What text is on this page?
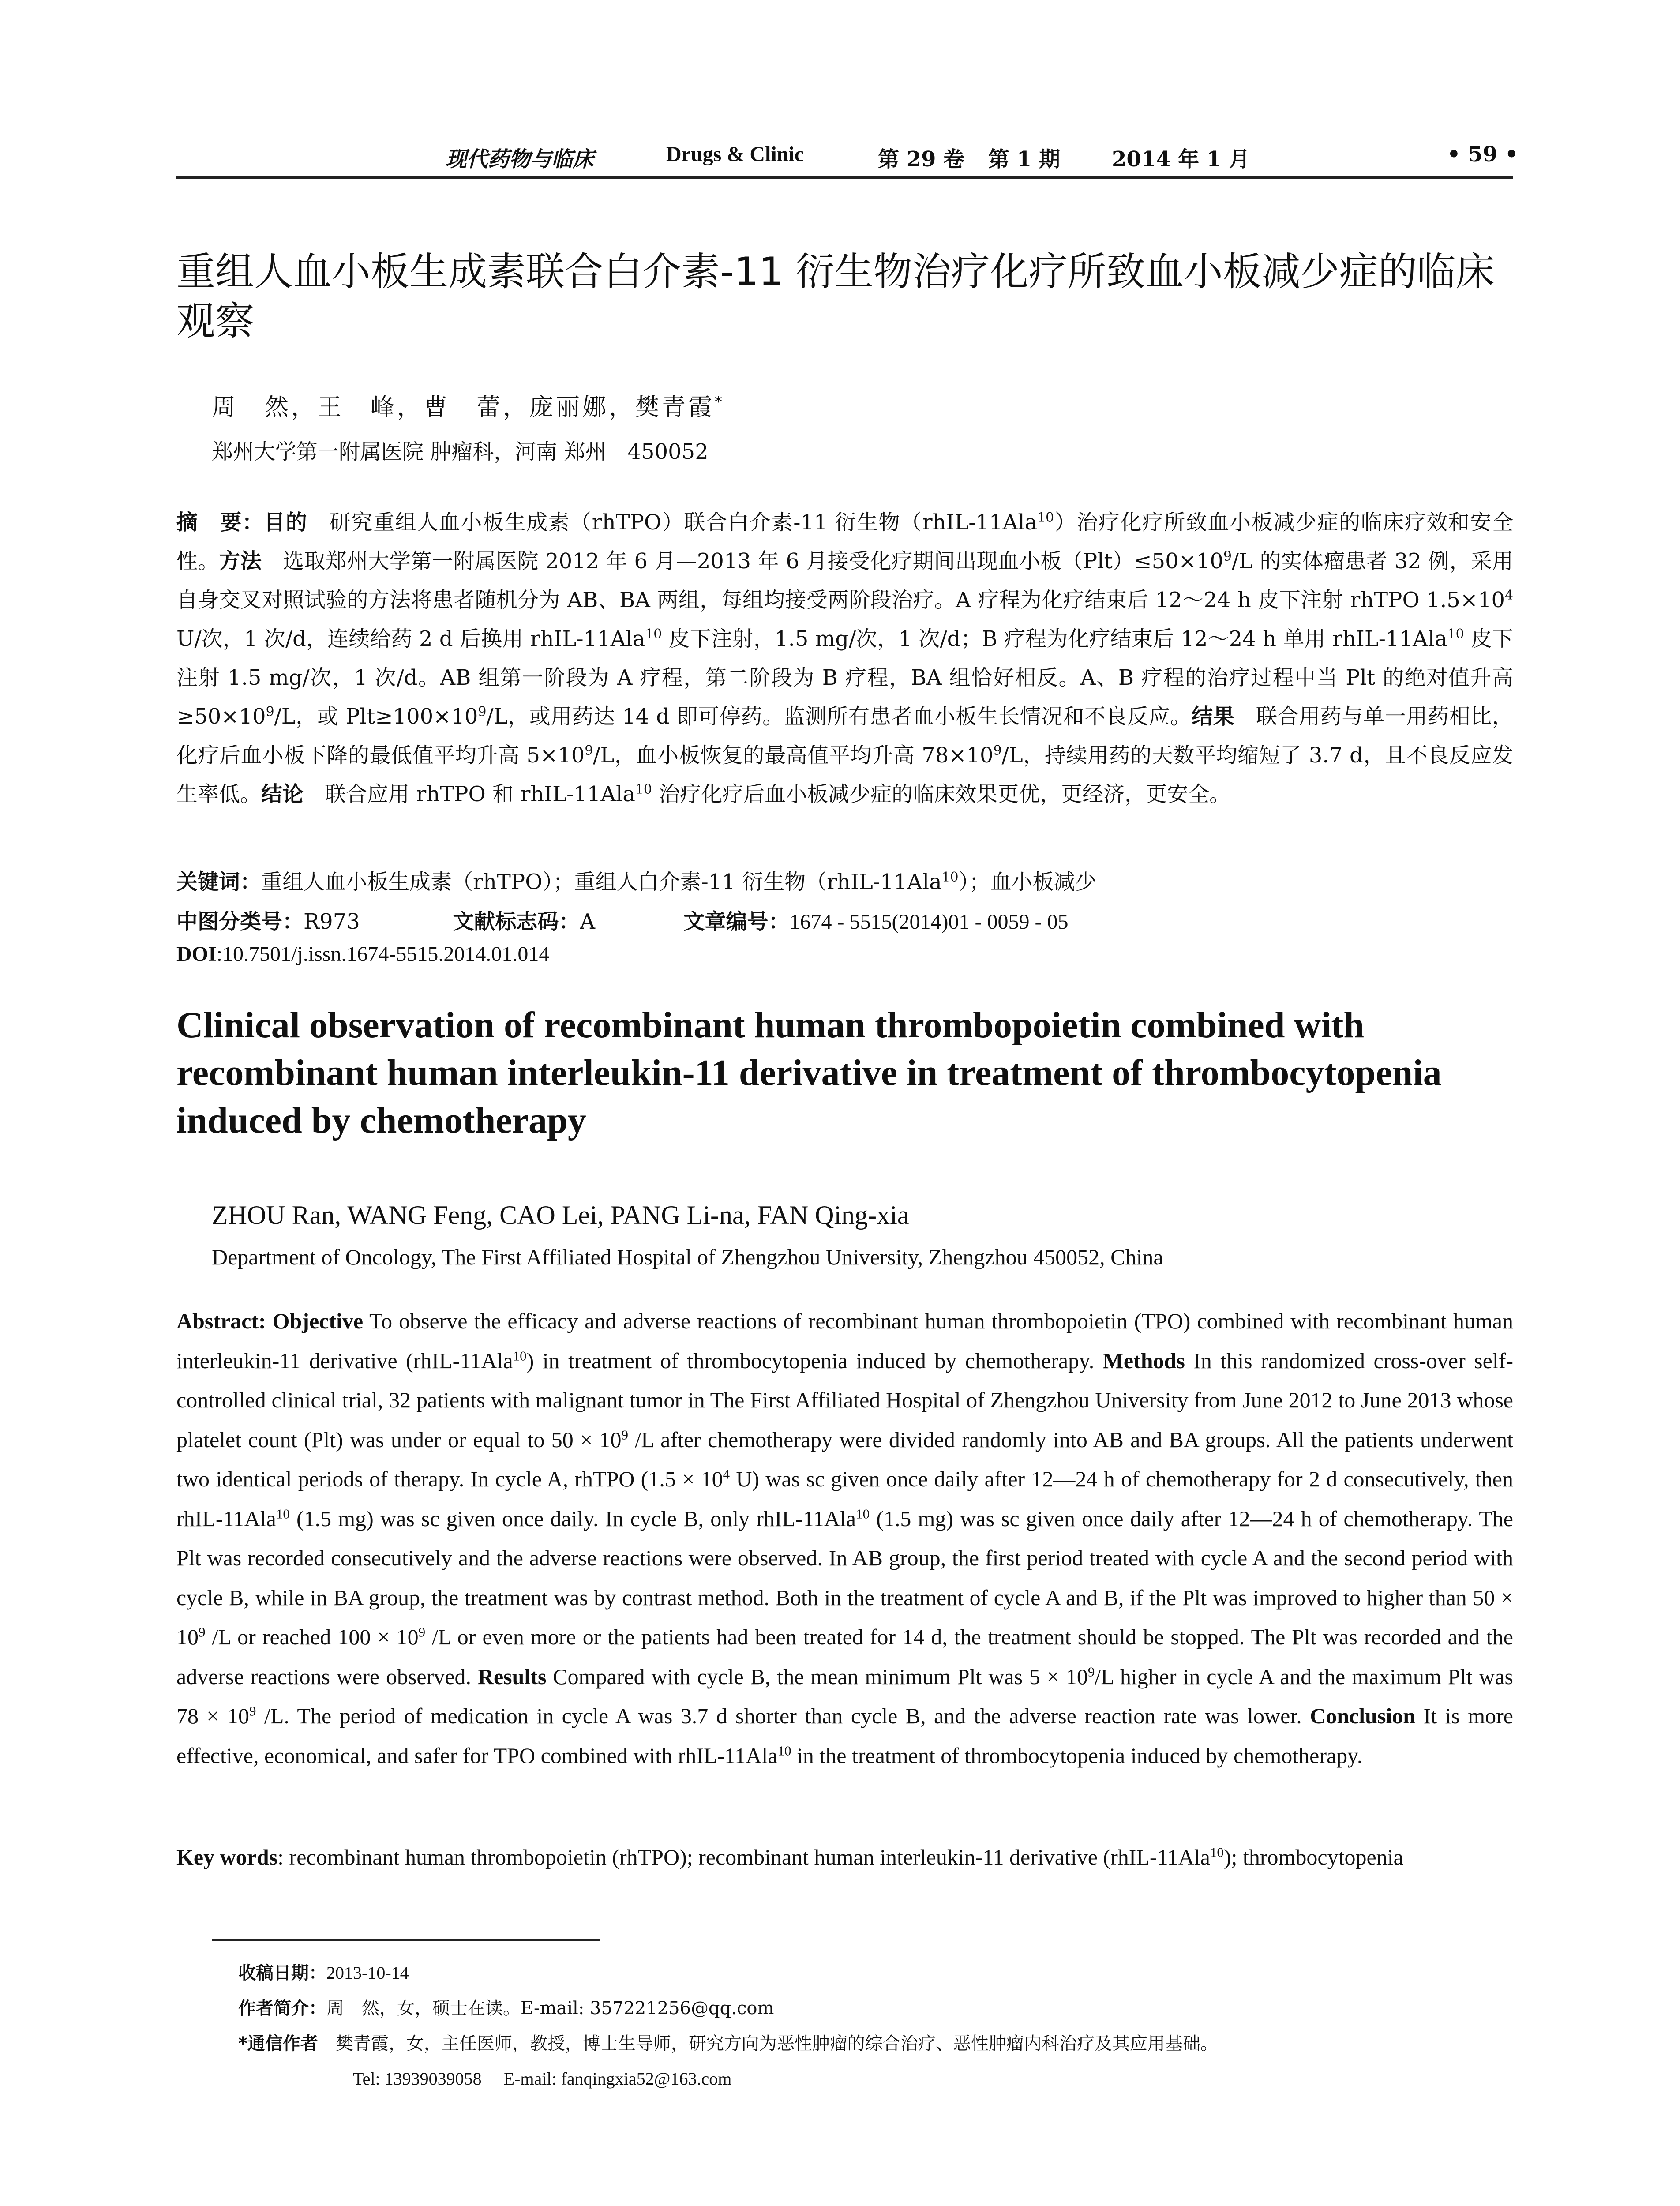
现代药物与临床	Drugs & Clinic	第 29 卷 第 1 期 2014 年 1 月	• 59 •
重组人血小板生成素联合白介素-11 衍生物治疗化疗所致血小板减少症的临床观察
周　然，王　峰，曹　蕾，庞丽娜，樊青霞*
郑州大学第一附属医院 肿瘤科，河南 郑州　450052
摘　要：目的　研究重组人血小板生成素（rhTPO）联合白介素-11 衍生物（rhIL-11Ala$^{10}$）治疗化疗所致血小板减少症的临床疗效和安全性。方法　选取郑州大学第一附属医院 2012 年 6 月—2013 年 6 月接受化疗期间出现血小板$(Plt)\le 50\times 10^9/L$ 的实体瘤患者 32 例，采用自身交叉对照试验的方法将患者随机分为 AB、BA 两组，每组均接受两阶段治疗。A 疗程为化疗结束后 12～24 h 皮下注射 rhTPO $1.5\times 10^4$ U/次，1 次/d，连续给药 2 d 后换用 rhIL-11Ala$^{10}$ 皮下注射，1.5 mg/次，1 次/d；B 疗程为化疗结束后 12～24 h 单用 rhIL-11Ala$^{10}$ 皮下注射 1.5 mg/次，1 次/d。AB 组第一阶段为 A 疗程，第二阶段为 B 疗程，BA 组恰好相反。A、B 疗程的治疗过程中当 Plt 的绝对值升高$\ge 50\times 10^9/L$，或 $Plt\ge 100\times 10^9/L$，或用药达 14 d 即可停药。监测所有患者血小板生长情况和不良反应。结果　联合用药与单一用药相比，化疗后血小板下降的最低值平均升高 $5\times 10^9/L$，血小板恢复的最高值平均升高 $78\times 10^9/L$，持续用药的天数平均缩短了 3.7 d，且不良反应发生率低。结论　联合应用 rhTPO 和 rhIL-11Ala$^{10}$ 治疗化疗后血小板减少症的临床效果更优，更经济，更安全。
关键词：重组人血小板生成素（rhTPO）；重组人白介素-11 衍生物（rhIL-11Ala$^{10}$）；血小板减少
中图分类号：R973	文献标志码：A	文章编号：1674 - 5515(2014)01 - 0059 - 05
DOI:10.7501/j.issn.1674-5515.2014.01.014
Clinical observation of recombinant human thrombopoietin combined with recombinant human interleukin-11 derivative in treatment of thrombocytopenia induced by chemotherapy
ZHOU Ran, WANG Feng, CAO Lei, PANG Li-na, FAN Qing-xia
Department of Oncology, The First Affiliated Hospital of Zhengzhou University, Zhengzhou 450052, China
Abstract: Objective To observe the efficacy and adverse reactions of recombinant human thrombopoietin (TPO) combined with recombinant human interleukin-11 derivative (rhIL-11Ala$^{10}$) in treatment of thrombocytopenia induced by chemotherapy. Methods In this randomized cross-over self-controlled clinical trial, 32 patients with malignant tumor in The First Affiliated Hospital of Zhengzhou University from June 2012 to June 2013 whose platelet count (Plt) was under or equal to $50 \times 10^9$ /L after chemotherapy were divided randomly into AB and BA groups. All the patients underwent two identical periods of therapy. In cycle A, rhTPO ($1.5 \times 10^4$ U) was sc given once daily after 12—24 h of chemotherapy for 2 d consecutively, then rhIL-11Ala$^{10}$ (1.5 mg) was sc given once daily. In cycle B, only rhIL-11Ala$^{10}$ (1.5 mg) was sc given once daily after 12—24 h of chemotherapy. The Plt was recorded consecutively and the adverse reactions were observed. In AB group, the first period treated with cycle A and the second period with cycle B, while in BA group, the treatment was by contrast method. Both in the treatment of cycle A and B, if the Plt was improved to higher than $50 \times 10^9$ /L or reached $100 \times 10^9$ /L or even more or the patients had been treated for 14 d, the treatment should be stopped. The Plt was recorded and the adverse reactions were observed. Results Compared with cycle B, the mean minimum Plt was $5 \times 10^9/L$ higher in cycle A and the maximum Plt was $78 \times 10^9$ /L. The period of medication in cycle A was 3.7 d shorter than cycle B, and the adverse reaction rate was lower. Conclusion It is more effective, economical, and safer for TPO combined with rhIL-11Ala$^{10}$ in the treatment of thrombocytopenia induced by chemotherapy.
Key words: recombinant human thrombopoietin (rhTPO); recombinant human interleukin-11 derivative (rhIL-11Ala$^{10}$); thrombocytopenia
收稿日期：2013-10-14
作者简介：周　然，女，硕士在读。E-mail: 357221256@qq.com
*通信作者　樊青霞，女，主任医师，教授，博士生导师，研究方向为恶性肿瘤的综合治疗、恶性肿瘤内科治疗及其应用基础。
Tel: 13939039058　 E-mail: fanqingxia52@163.com
